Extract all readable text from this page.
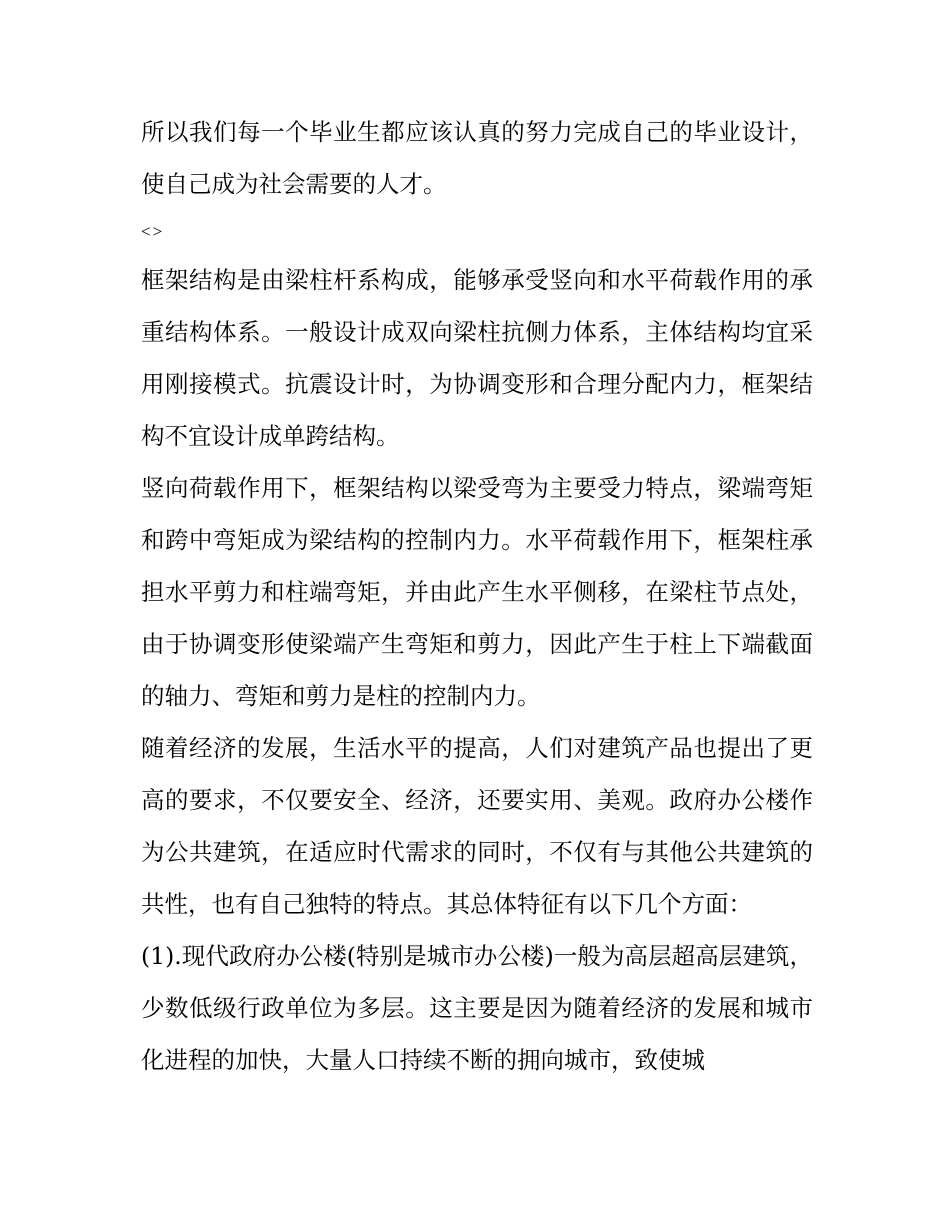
所以我们每一个毕业生都应该认真的努力完成自己的毕业设计，使自己成为社会需要的人才。

<>

框架结构是由梁柱杆系构成，能够承受竖向和水平荷载作用的承重结构体系。一般设计成双向梁柱抗侧力体系，主体结构均宜采用刚接模式。抗震设计时，为协调变形和合理分配内力，框架结构不宜设计成单跨结构。

竖向荷载作用下，框架结构以梁受弯为主要受力特点，梁端弯矩和跨中弯矩成为梁结构的控制内力。水平荷载作用下，框架柱承担水平剪力和柱端弯矩，并由此产生水平侧移，在梁柱节点处，由于协调变形使梁端产生弯矩和剪力，因此产生于柱上下端截面的轴力、弯矩和剪力是柱的控制内力。

随着经济的发展，生活水平的提高，人们对建筑产品也提出了更高的要求，不仅要安全、经济，还要实用、美观。政府办公楼作为公共建筑，在适应时代需求的同时，不仅有与其他公共建筑的共性，也有自己独特的特点。其总体特征有以下几个方面：

(1).现代政府办公楼(特别是城市办公楼)一般为高层超高层建筑，少数低级行政单位为多层。这主要是因为随着经济的发展和城市化进程的加快，大量人口持续不断的拥向城市，致使城
